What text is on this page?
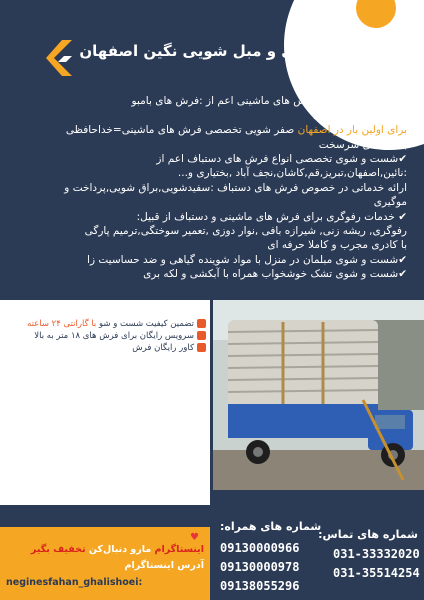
قالیشویی و مبل شویی نگین اصفهان
خدمات ما؛
✔شست شوی انواع فرش های ماشینی اعم از :فرش های بامبو
,پتینه,ترک,بلژیکی و...
برای اولین بار در اصفهان صفر شویی تخصصی فرش های ماشینی=خداحافظی
با لکه های سرسخت
✔شست و شوی تخصصی انواع فرش های دستباف اعم از
:نائین,اصفهان,تبریز,قم,کاشان,نجف آباد ,بختیاری و...
ارائه خدماتی در خصوص فرش های دستباف :سفیدشویی,براق شویی,پرداخت و
موگیری
✔ خدمات رفوگری برای فرش های ماشینی و دستباف از قبیل:
رفوگری, ریشه زنی, شیرازه بافی ,نوار دوزی ,تعمیر سوختگی,ترمیم پارگی
با کادری مجرب و کاملا حرفه ای
✔شست و شوی مبلمان در منزل با مواد شوینده گیاهی و ضد حساسیت زا
✔شست و شوی تشک خوشخواب همراه با آبکشی و لکه بری
تضمین کیفیت شست و شو با گارانتی ۲۴ ساعته
سرویس رایگان برای فرش های ۱۸ متر به بالا
کاور رایگان فرش
شستشوی حرفه ای=عمر دوباره فرش شما
اینستاگرام مارو دنبال‌کن تخفیف بگیر
آدرس اینستاگرام
neginesfahan_ghalishoei:
♥
شماره های همراه:
09130000966
09130000978
09138055296
شماره های تماس:
031-33332020
031-35514254
